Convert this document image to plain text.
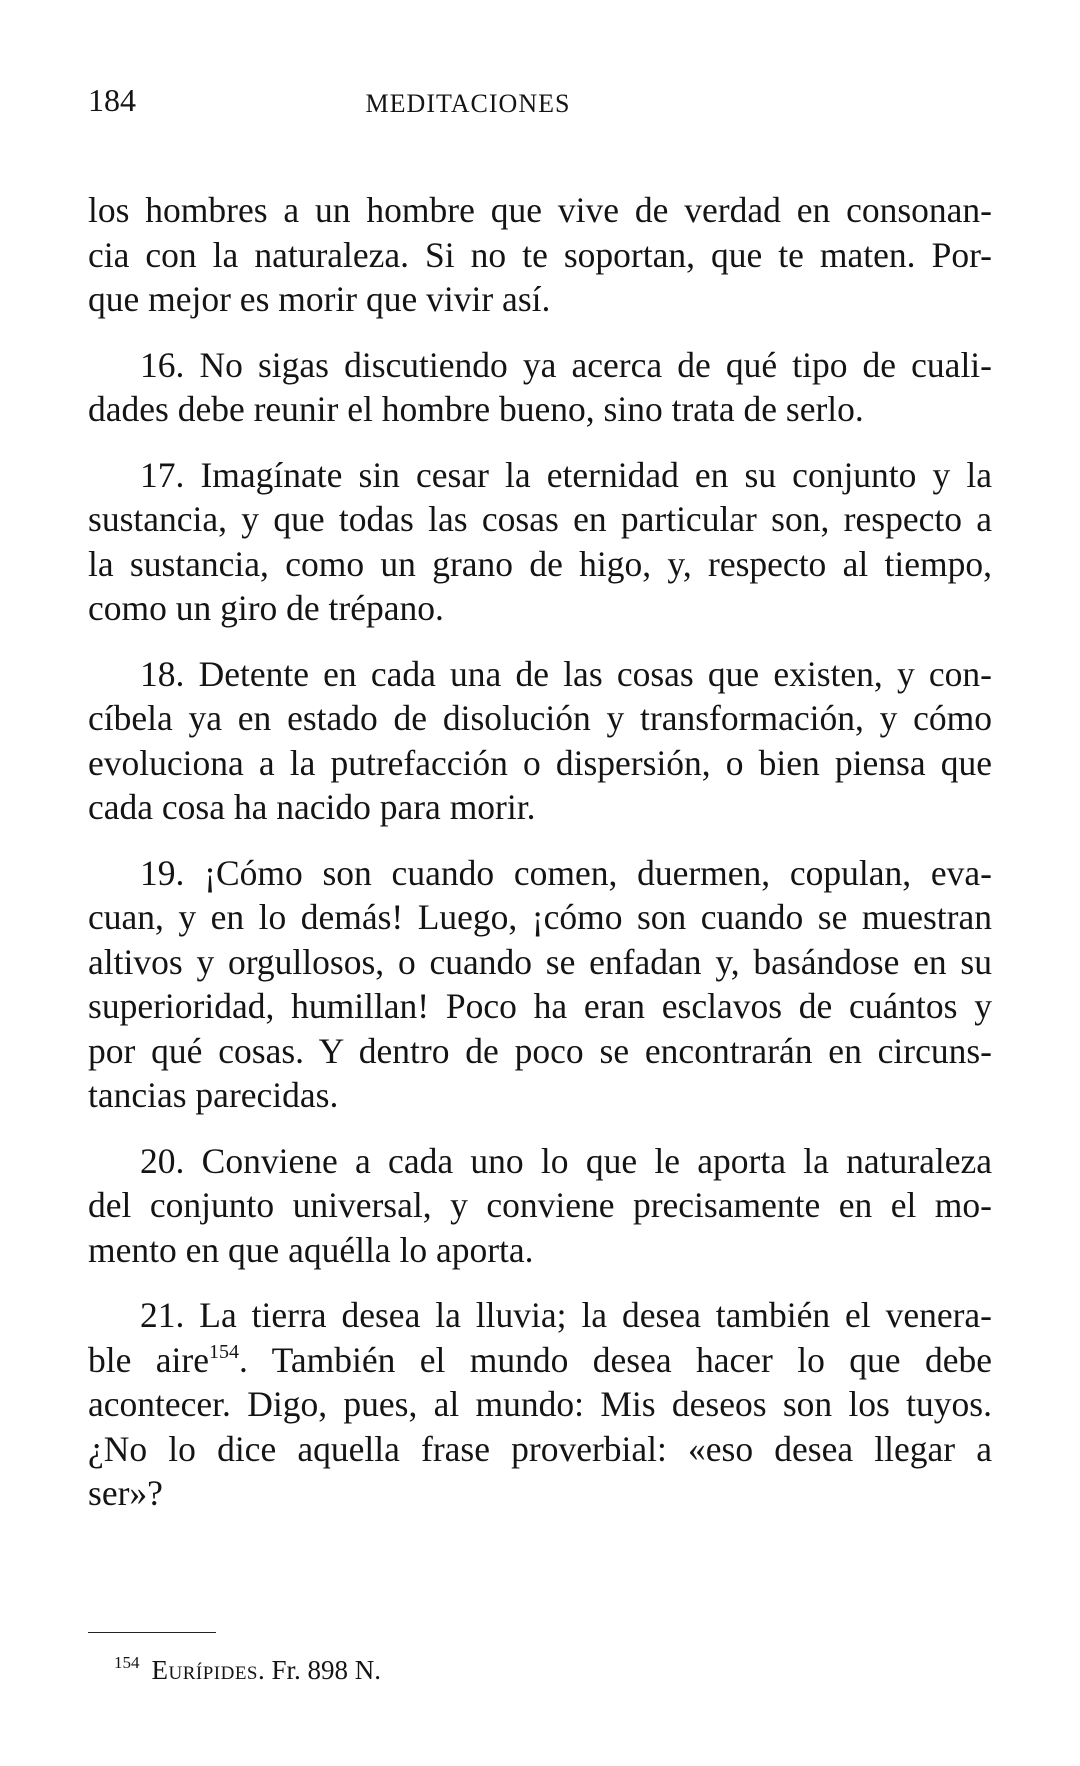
184	MEDITACIONES

los hombres a un hombre que vive de verdad en consonan-
cia con la naturaleza. Si no te soportan, que te maten. Por-
que mejor es morir que vivir así.

16. No sigas discutiendo ya acerca de qué tipo de cuali-
dades debe reunir el hombre bueno, sino trata de serlo.

17. Imagínate sin cesar la eternidad en su conjunto y la
sustancia, y que todas las cosas en particular son, respecto a
la sustancia, como un grano de higo, y, respecto al tiempo,
como un giro de trépano.

18. Detente en cada una de las cosas que existen, y con-
cíbela ya en estado de disolución y transformación, y cómo
evoluciona a la putrefacción o dispersión, o bien piensa que
cada cosa ha nacido para morir.

19. ¡Cómo son cuando comen, duermen, copulan, eva-
cuan, y en lo demás! Luego, ¡cómo son cuando se muestran
altivos y orgullosos, o cuando se enfadan y, basándose en su
superioridad, humillan! Poco ha eran esclavos de cuántos y
por qué cosas. Y dentro de poco se encontrarán en circuns-
tancias parecidas.

20. Conviene a cada uno lo que le aporta la naturaleza
del conjunto universal, y conviene precisamente en el mo-
mento en que aquélla lo aporta.

21. La tierra desea la lluvia; la desea también el venera-
ble aire$^{154}$. También el mundo desea hacer lo que debe
acontecer. Digo, pues, al mundo: Mis deseos son los tuyos.
¿No lo dice aquella frase proverbial: «eso desea llegar a
ser»?

$^{154}$ Eurípides. Fr. 898 N.
